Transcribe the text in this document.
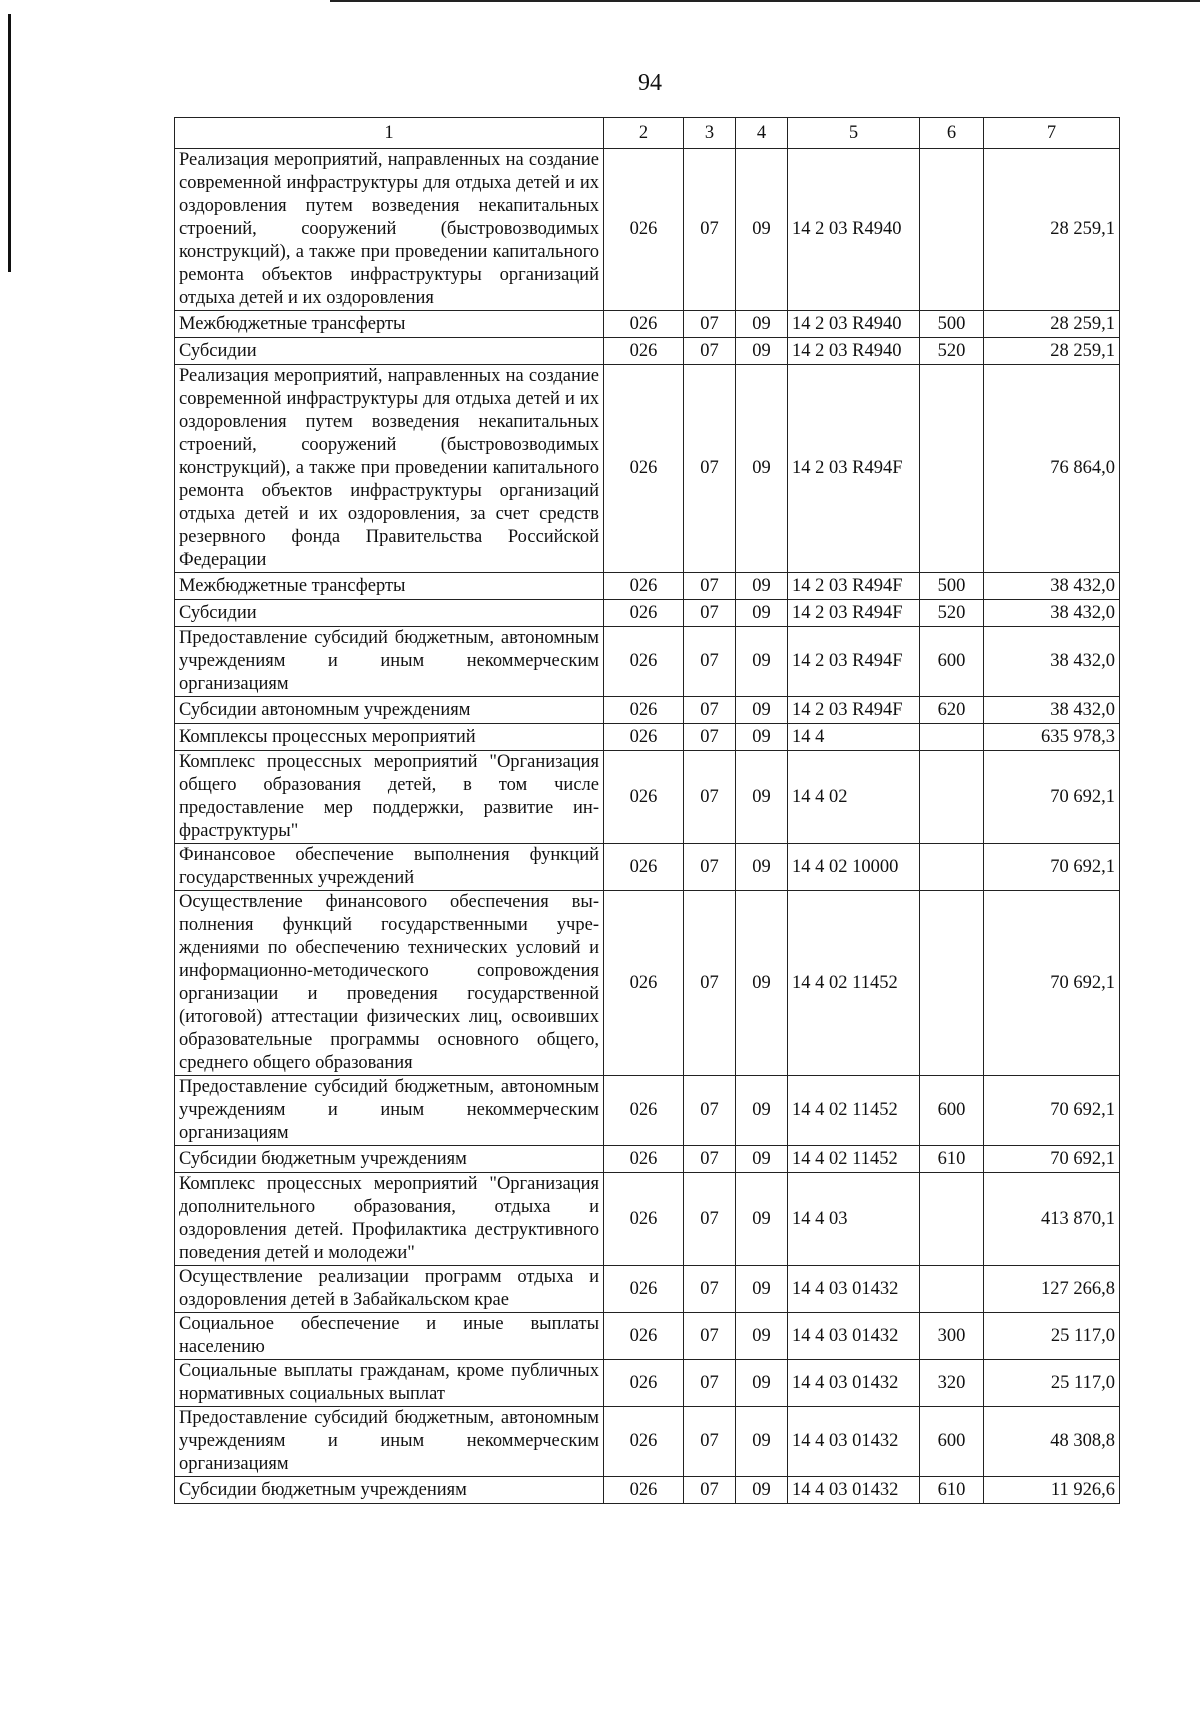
94
1	2	3	4	5	6	7
Реализация мероприятий, направленных на создание современной инфраструктуры для отдыха детей и их оздоровления путем возведения некапитальных строений, сооружений (быстровозводимых конструкций), а также при проведении капитального ремонта объектов инфраструктуры организаций отдыха детей и их оздоровления	026	07	09	14 2 03 R4940		28 259,1
Межбюджетные трансферты	026	07	09	14 2 03 R4940	500	28 259,1
Субсидии	026	07	09	14 2 03 R4940	520	28 259,1
Реализация мероприятий, направленных на создание современной инфраструктуры для отдыха детей и их оздоровления путем возведения некапитальных строений, сооружений (быстровозводимых конструкций), а также при проведении капитального ремонта объектов инфраструктуры организаций отдыха детей и их оздоровления, за счет средств резервного фонда Правительства Российской Федерации	026	07	09	14 2 03 R494F		76 864,0
Межбюджетные трансферты	026	07	09	14 2 03 R494F	500	38 432,0
Субсидии	026	07	09	14 2 03 R494F	520	38 432,0
Предоставление субсидий бюджетным, автономным учреждениям и иным некоммерческим организациям	026	07	09	14 2 03 R494F	600	38 432,0
Субсидии автономным учреждениям	026	07	09	14 2 03 R494F	620	38 432,0
Комплексы процессных мероприятий	026	07	09	14 4		635 978,3
Комплекс процессных мероприятий "Организация общего образования детей, в том числе предоставление мер поддержки, развитие инфраструктуры"	026	07	09	14 4 02		70 692,1
Финансовое обеспечение выполнения функций государственных учреждений	026	07	09	14 4 02 10000		70 692,1
Осуществление финансового обеспечения выполнения функций государственными учреждениями по обеспечению технических условий и информационно-методического сопровождения организации и проведения государственной (итоговой) аттестации физических лиц, освоивших образовательные программы основного общего, среднего общего образования	026	07	09	14 4 02 11452		70 692,1
Предоставление субсидий бюджетным, автономным учреждениям и иным некоммерческим организациям	026	07	09	14 4 02 11452	600	70 692,1
Субсидии бюджетным учреждениям	026	07	09	14 4 02 11452	610	70 692,1
Комплекс процессных мероприятий "Организация дополнительного образования, отдыха и оздоровления детей. Профилактика деструктивного поведения детей и молодежи"	026	07	09	14 4 03		413 870,1
Осуществление реализации программ отдыха и оздоровления детей в Забайкальском крае	026	07	09	14 4 03 01432		127 266,8
Социальное обеспечение и иные выплаты населению	026	07	09	14 4 03 01432	300	25 117,0
Социальные выплаты гражданам, кроме публичных нормативных социальных выплат	026	07	09	14 4 03 01432	320	25 117,0
Предоставление субсидий бюджетным, автономным учреждениям и иным некоммерческим организациям	026	07	09	14 4 03 01432	600	48 308,8
Субсидии бюджетным учреждениям	026	07	09	14 4 03 01432	610	11 926,6
